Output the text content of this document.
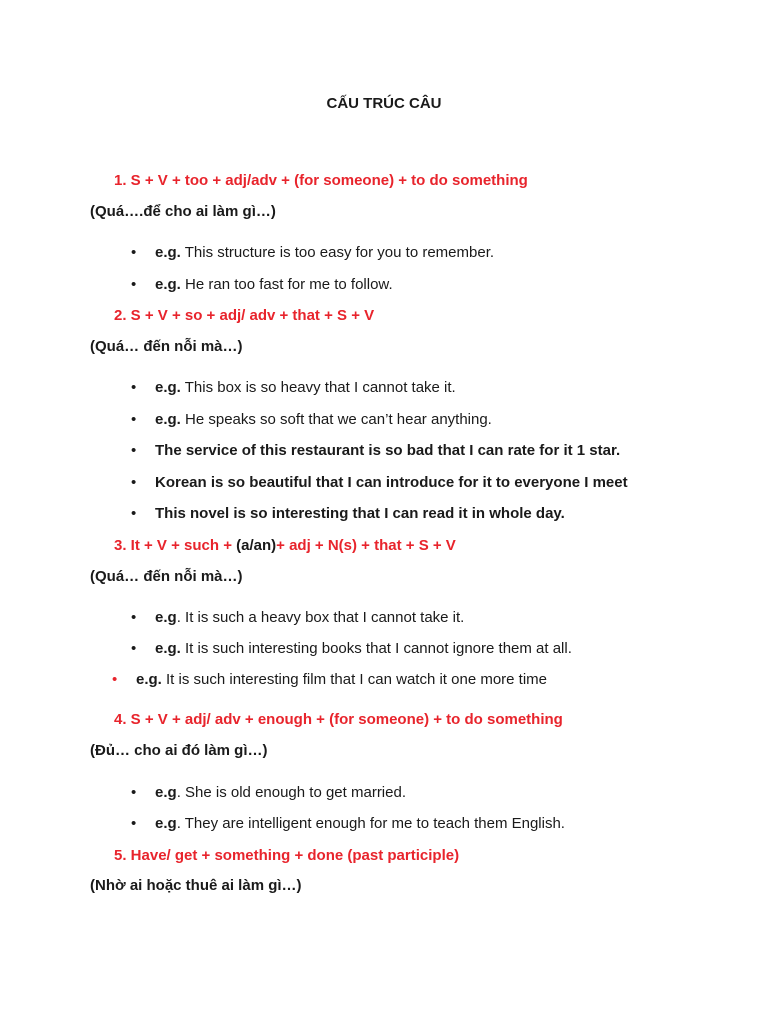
CẤU TRÚC CÂU
1. S + V + too + adj/adv + (for someone) + to do something
(Quá….để cho ai làm gì…)
• e.g. This structure is too easy for you to remember.
• e.g. He ran too fast for me to follow.
2. S + V + so + adj/ adv + that + S + V
(Quá… đến nỗi mà…)
• e.g. This box is so heavy that I cannot take it.
• e.g. He speaks so soft that we can’t hear anything.
• The service of this restaurant is so bad that I can rate for it 1 star.
• Korean is so beautiful that I can introduce for it to everyone I meet
• This novel is so interesting that I can read it in whole day.
3. It + V + such + (a/an)+ adj + N(s) + that + S + V
(Quá… đến nỗi mà…)
• e.g. It is such a heavy box that I cannot take it.
• e.g. It is such interesting books that I cannot ignore them at all.
• e.g. It is such interesting film that I can watch it one more time
4. S + V + adj/ adv + enough + (for someone) + to do something
(Đủ… cho ai đó làm gì…)
• e.g. She is old enough to get married.
• e.g. They are intelligent enough for me to teach them English.
5. Have/ get + something + done (past participle)
(Nhờ ai hoặc thuê ai làm gì…)
